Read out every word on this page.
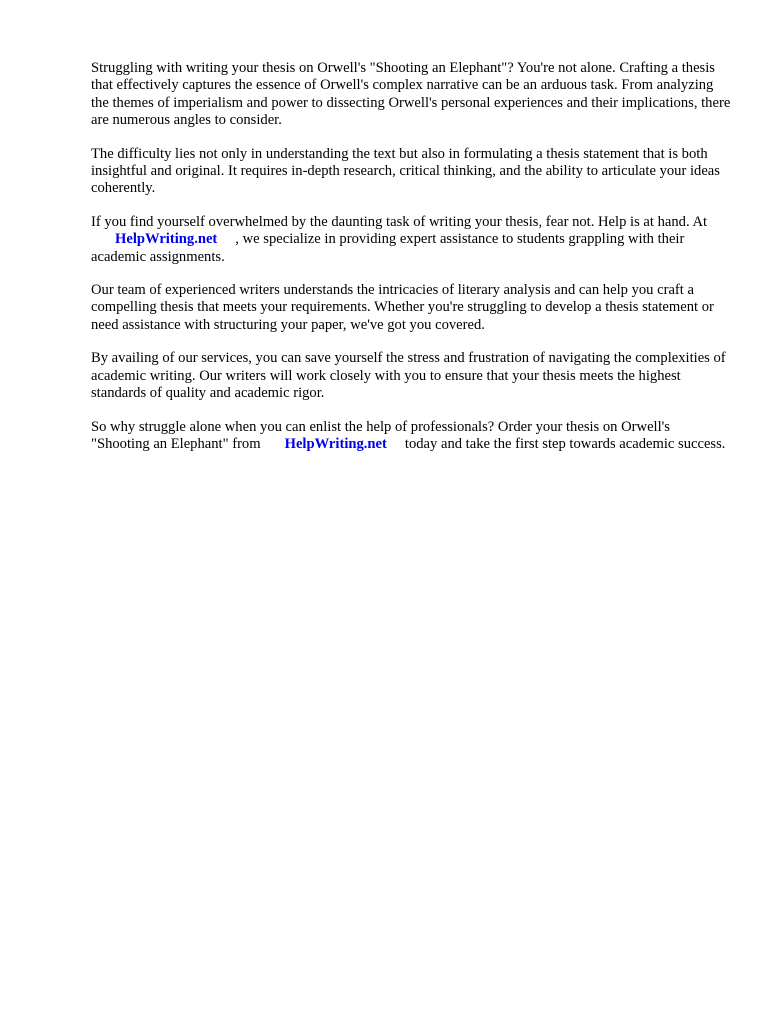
Struggling with writing your thesis on Orwell's "Shooting an Elephant"? You're not alone. Crafting a thesis that effectively captures the essence of Orwell's complex narrative can be an arduous task. From analyzing the themes of imperialism and power to dissecting Orwell's personal experiences and their implications, there are numerous angles to consider.

The difficulty lies not only in understanding the text but also in formulating a thesis statement that is both insightful and original. It requires in-depth research, critical thinking, and the ability to articulate your ideas coherently.

If you find yourself overwhelmed by the daunting task of writing your thesis, fear not. Help is at hand. AtHelpWriting.net , we specialize in providing expert assistance to students grappling with their academic assignments.

Our team of experienced writers understands the intricacies of literary analysis and can help you craft a compelling thesis that meets your requirements. Whether you're struggling to develop a thesis statement or need assistance with structuring your paper, we've got you covered.

By availing of our services, you can save yourself the stress and frustration of navigating the complexities of academic writing. Our writers will work closely with you to ensure that your thesis meets the highest standards of quality and academic rigor.

So why struggle alone when you can enlist the help of professionals? Order your thesis on Orwell's "Shooting an Elephant" from HelpWriting.net today and take the first step towards academic success.
